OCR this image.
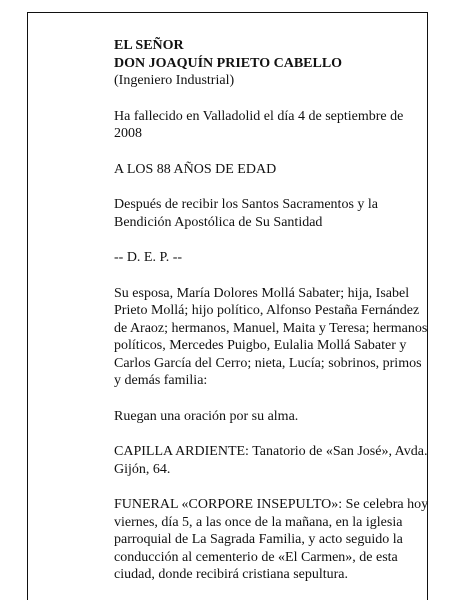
EL SEÑOR

DON JOAQUÍN PRIETO CABELLO

(Ingeniero Industrial)

Ha fallecido en Valladolid el día 4 de septiembre de 2008

A LOS 88 AÑOS DE EDAD

Después de recibir los Santos Sacramentos y la Bendición Apostólica de Su Santidad

-- D. E. P. --

Su esposa, María Dolores Mollá Sabater; hija, Isabel Prieto Mollá; hijo político, Alfonso Pestaña Fernández de Araoz; hermanos, Manuel, Maita y Teresa; hermanos políticos, Mercedes Puigbo, Eulalia Mollá Sabater y Carlos García del Cerro; nieta, Lucía; sobrinos, primos y demás familia:

Ruegan una oración por su alma.

CAPILLA ARDIENTE: Tanatorio de «San José», Avda. Gijón, 64.

FUNERAL «CORPORE INSEPULTO»: Se celebra hoy viernes, día 5, a las once de la mañana, en la iglesia parroquial de La Sagrada Familia, y acto seguido la conducción al cementerio de «El Carmen», de esta ciudad, donde recibirá cristiana sepultura.
